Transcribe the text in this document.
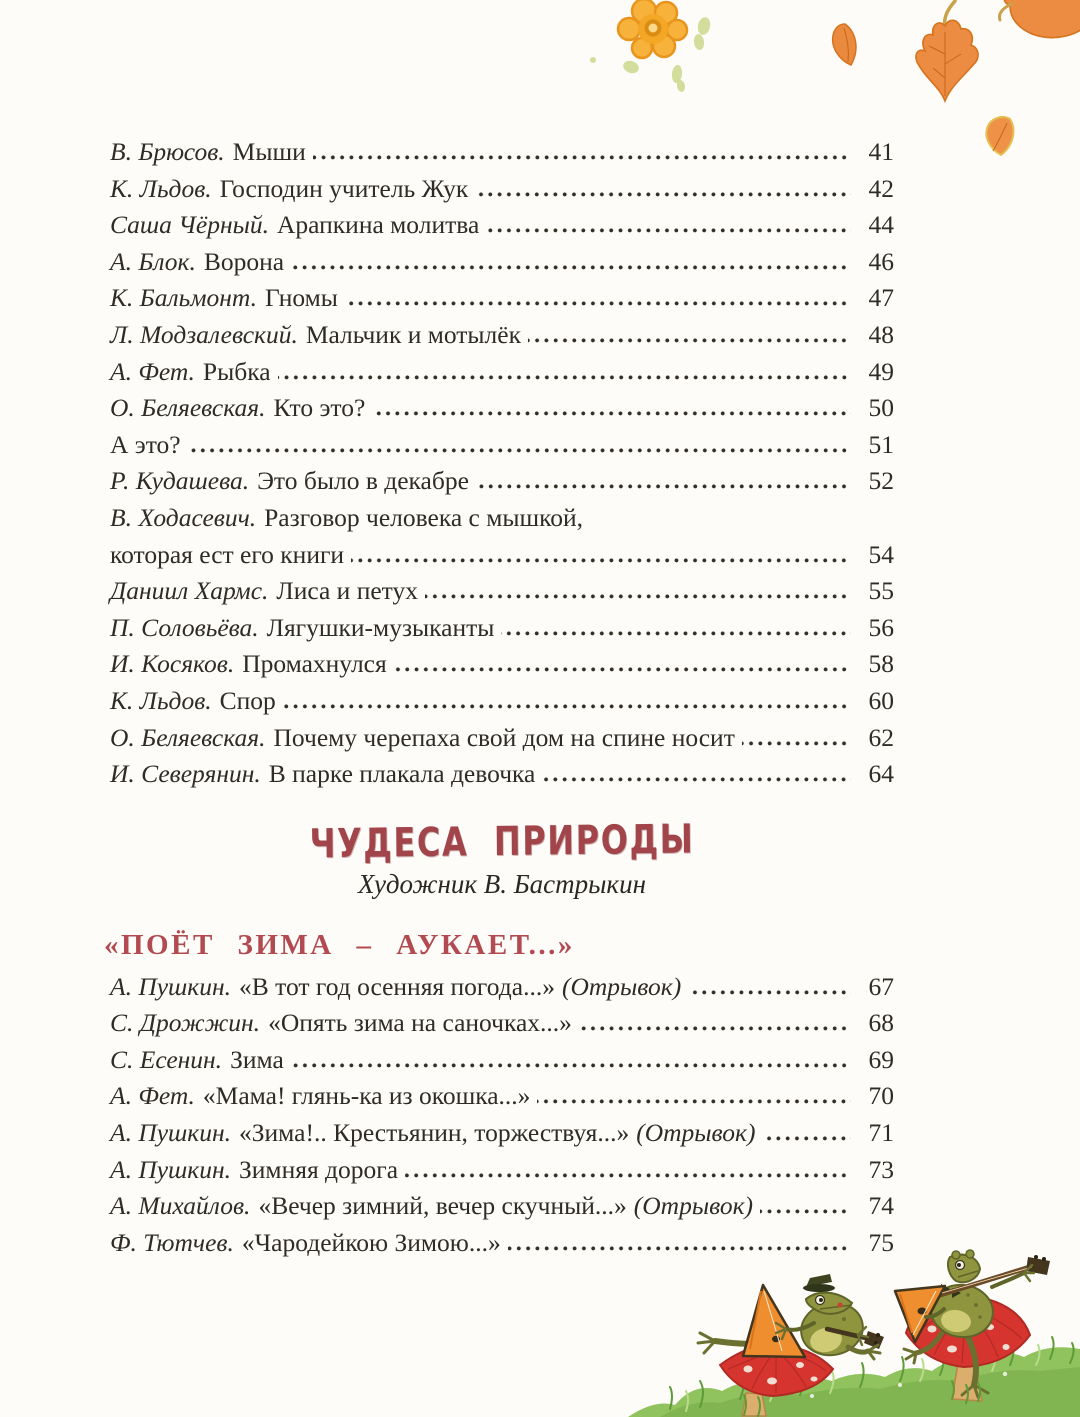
В. Брюсов. Мыши	41
К. Льдов. Господин учитель Жук	42
Саша Чёрный. Арапкина молитва	44
А. Блок. Ворона	46
К. Бальмонт. Гномы	47
Л. Модзалевский. Мальчик и мотылёк	48
А. Фет. Рыбка	49
О. Беляевская. Кто это?	50
А это?	51
Р. Кудашева. Это было в декабре	52
В. Ходасевич. Разговор человека с мышкой,
которая ест его книги	54
Даниил Хармс. Лиса и петух	55
П. Соловьёва. Лягушки-музыканты	56
И. Косяков. Промахнулся	58
К. Льдов. Спор	60
О. Беляевская. Почему черепаха свой дом на спине носит	62
И. Северянин. В парке плакала девочка	64
ЧУДЕСА ПРИРОДЫ
Художник В. Бастрыкин
«ПОЁТ ЗИМА – АУКАЕТ...»
А. Пушкин. «В тот год осенняя погода...» (Отрывок)	67
С. Дрожжин. «Опять зима на саночках...»	68
С. Есенин. Зима	69
А. Фет. «Мама! глянь-ка из окошка...»	70
А. Пушкин. «Зима!.. Крестьянин, торжествуя...» (Отрывок)	71
А. Пушкин. Зимняя дорога	73
А. Михайлов. «Вечер зимний, вечер скучный...» (Отрывок)	74
Ф. Тютчев. «Чародейкою Зимою...»	75
